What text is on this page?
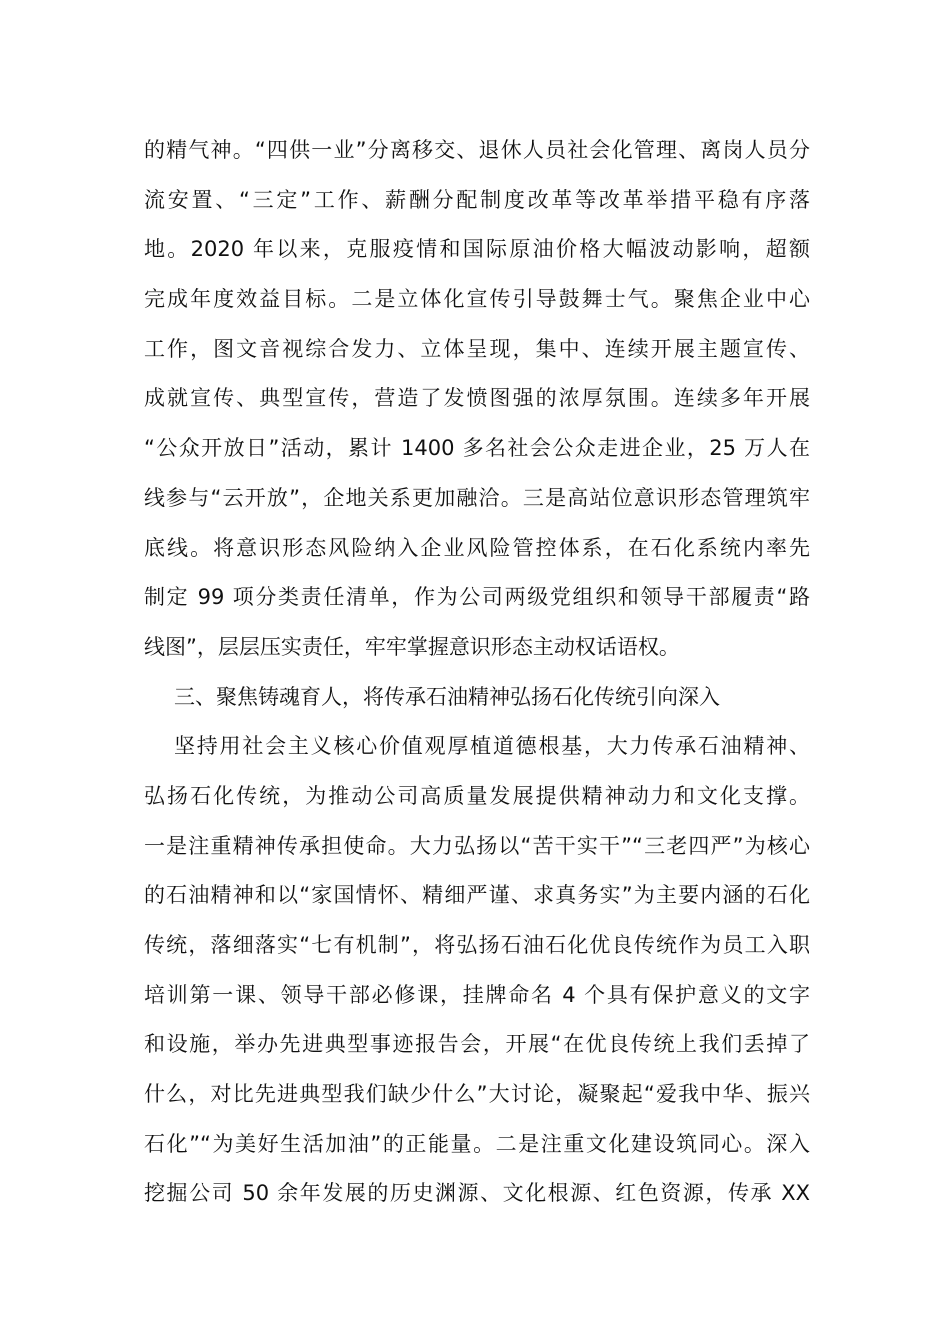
的精气神。“四供一业”分离移交、退休人员社会化管理、离岗人员分
流安置、“三定”工作、薪酬分配制度改革等改革举措平稳有序落
地。2020 年以来，克服疫情和国际原油价格大幅波动影响，超额
完成年度效益目标。二是立体化宣传引导鼓舞士气。聚焦企业中心
工作，图文音视综合发力、立体呈现，集中、连续开展主题宣传、
成就宣传、典型宣传，营造了发愤图强的浓厚氛围。连续多年开展
“公众开放日”活动，累计 1400 多名社会公众走进企业，25 万人在
线参与“云开放”，企地关系更加融洽。三是高站位意识形态管理筑牢
底线。将意识形态风险纳入企业风险管控体系，在石化系统内率先
制定 99 项分类责任清单，作为公司两级党组织和领导干部履责“路
线图”，层层压实责任，牢牢掌握意识形态主动权话语权。
三、聚焦铸魂育人，将传承石油精神弘扬石化传统引向深入
坚持用社会主义核心价值观厚植道德根基，大力传承石油精神、
弘扬石化传统，为推动公司高质量发展提供精神动力和文化支撑。
一是注重精神传承担使命。大力弘扬以“苦干实干”“三老四严”为核心
的石油精神和以“家国情怀、精细严谨、求真务实”为主要内涵的石化
传统，落细落实“七有机制”，将弘扬石油石化优良传统作为员工入职
培训第一课、领导干部必修课，挂牌命名 4 个具有保护意义的文字
和设施，举办先进典型事迹报告会，开展“在优良传统上我们丢掉了
什么，对比先进典型我们缺少什么”大讨论，凝聚起“爱我中华、振兴
石化”“为美好生活加油”的正能量。二是注重文化建设筑同心。深入
挖掘公司 50 余年发展的历史渊源、文化根源、红色资源，传承 XX
